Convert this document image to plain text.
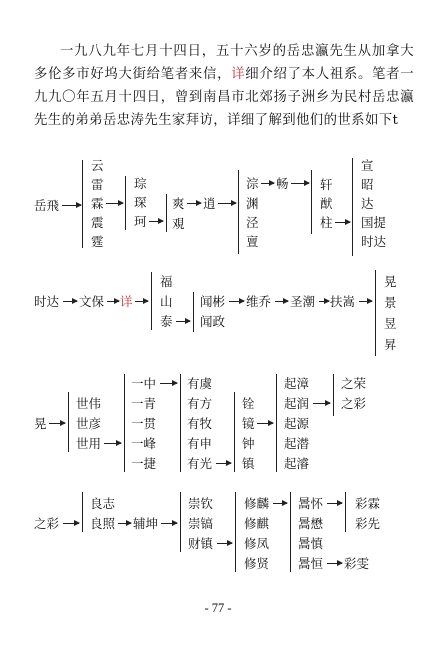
一九八九年七月十四日，五十六岁的岳忠瀛先生从加拿大多伦多市好坞大街给笔者来信，详细介绍了本人祖系。笔者一九九〇年五月十四日，曾到南昌市北郊扬子洲乡为民村岳忠瀛先生的弟弟岳忠涛先生家拜访，详细了解到他们的世系如下t

岳飛
云
雷
霖
震
霆
琮
琛
珂
爽
覌
逍
淙 畅
渊
泾
亶
轩
猷
柱
宣
昭
达
国提
时达
时达 文保 详
福
山
泰
闻彬
闻政
维乔 圣潮 扶嵩
晃
景
昱
昇
晃
世伟
世彦
世用
一中
一青
一贯
一峰
一捷
有虞
有方
有牧
有申
有光
铨
镜
钟
镇
起漳
起润
起源
起潜
起濬
之荣
之彩
之彩
良志
良照 辅坤
崇钦
崇镐
财镇
修麟
修麒
修凤
修贤
暠怀
暠懋
暠慎
暠恒 彩雯
彩霖
彩先
- 77 -
